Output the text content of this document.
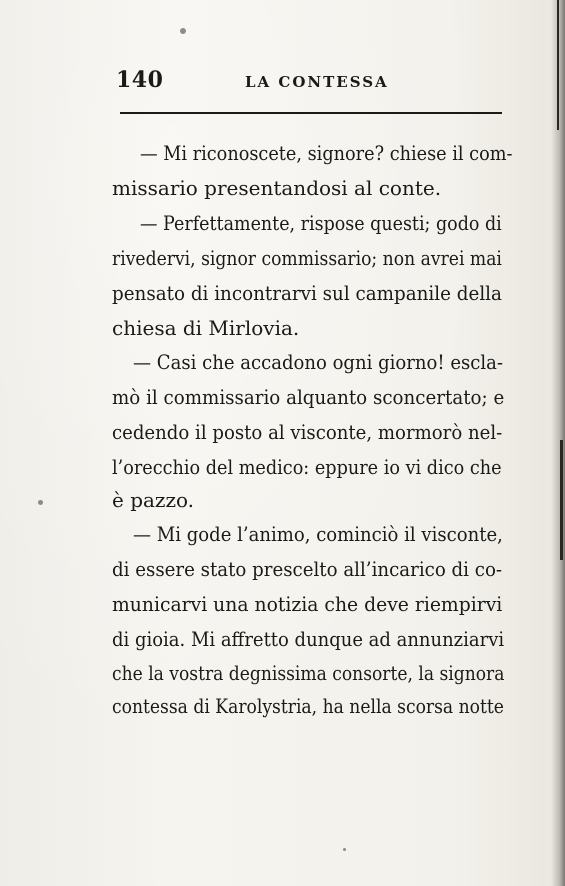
140	LA CONTESSA
— Mi riconoscete, signore? chiese il com-
missario presentandosi al conte.
— Perfettamente, rispose questi; godo di
rivedervi, signor commissario; non avrei mai
pensato di incontrarvi sul campanile della
chiesa di Mirlovia.
— Casi che accadono ogni giorno! escla-
mò il commissario alquanto sconcertato; e
cedendo il posto al visconte, mormorò nel-
l’orecchio del medico: eppure io vi dico che
è pazzo.
— Mi gode l’animo, cominciò il visconte,
di essere stato prescelto all’incarico di co-
municarvi una notizia che deve riempirvi
di gioia. Mi affretto dunque ad annunziarvi
che la vostra degnissima consorte, la signora
contessa di Karolystria, ha nella scorsa notte
